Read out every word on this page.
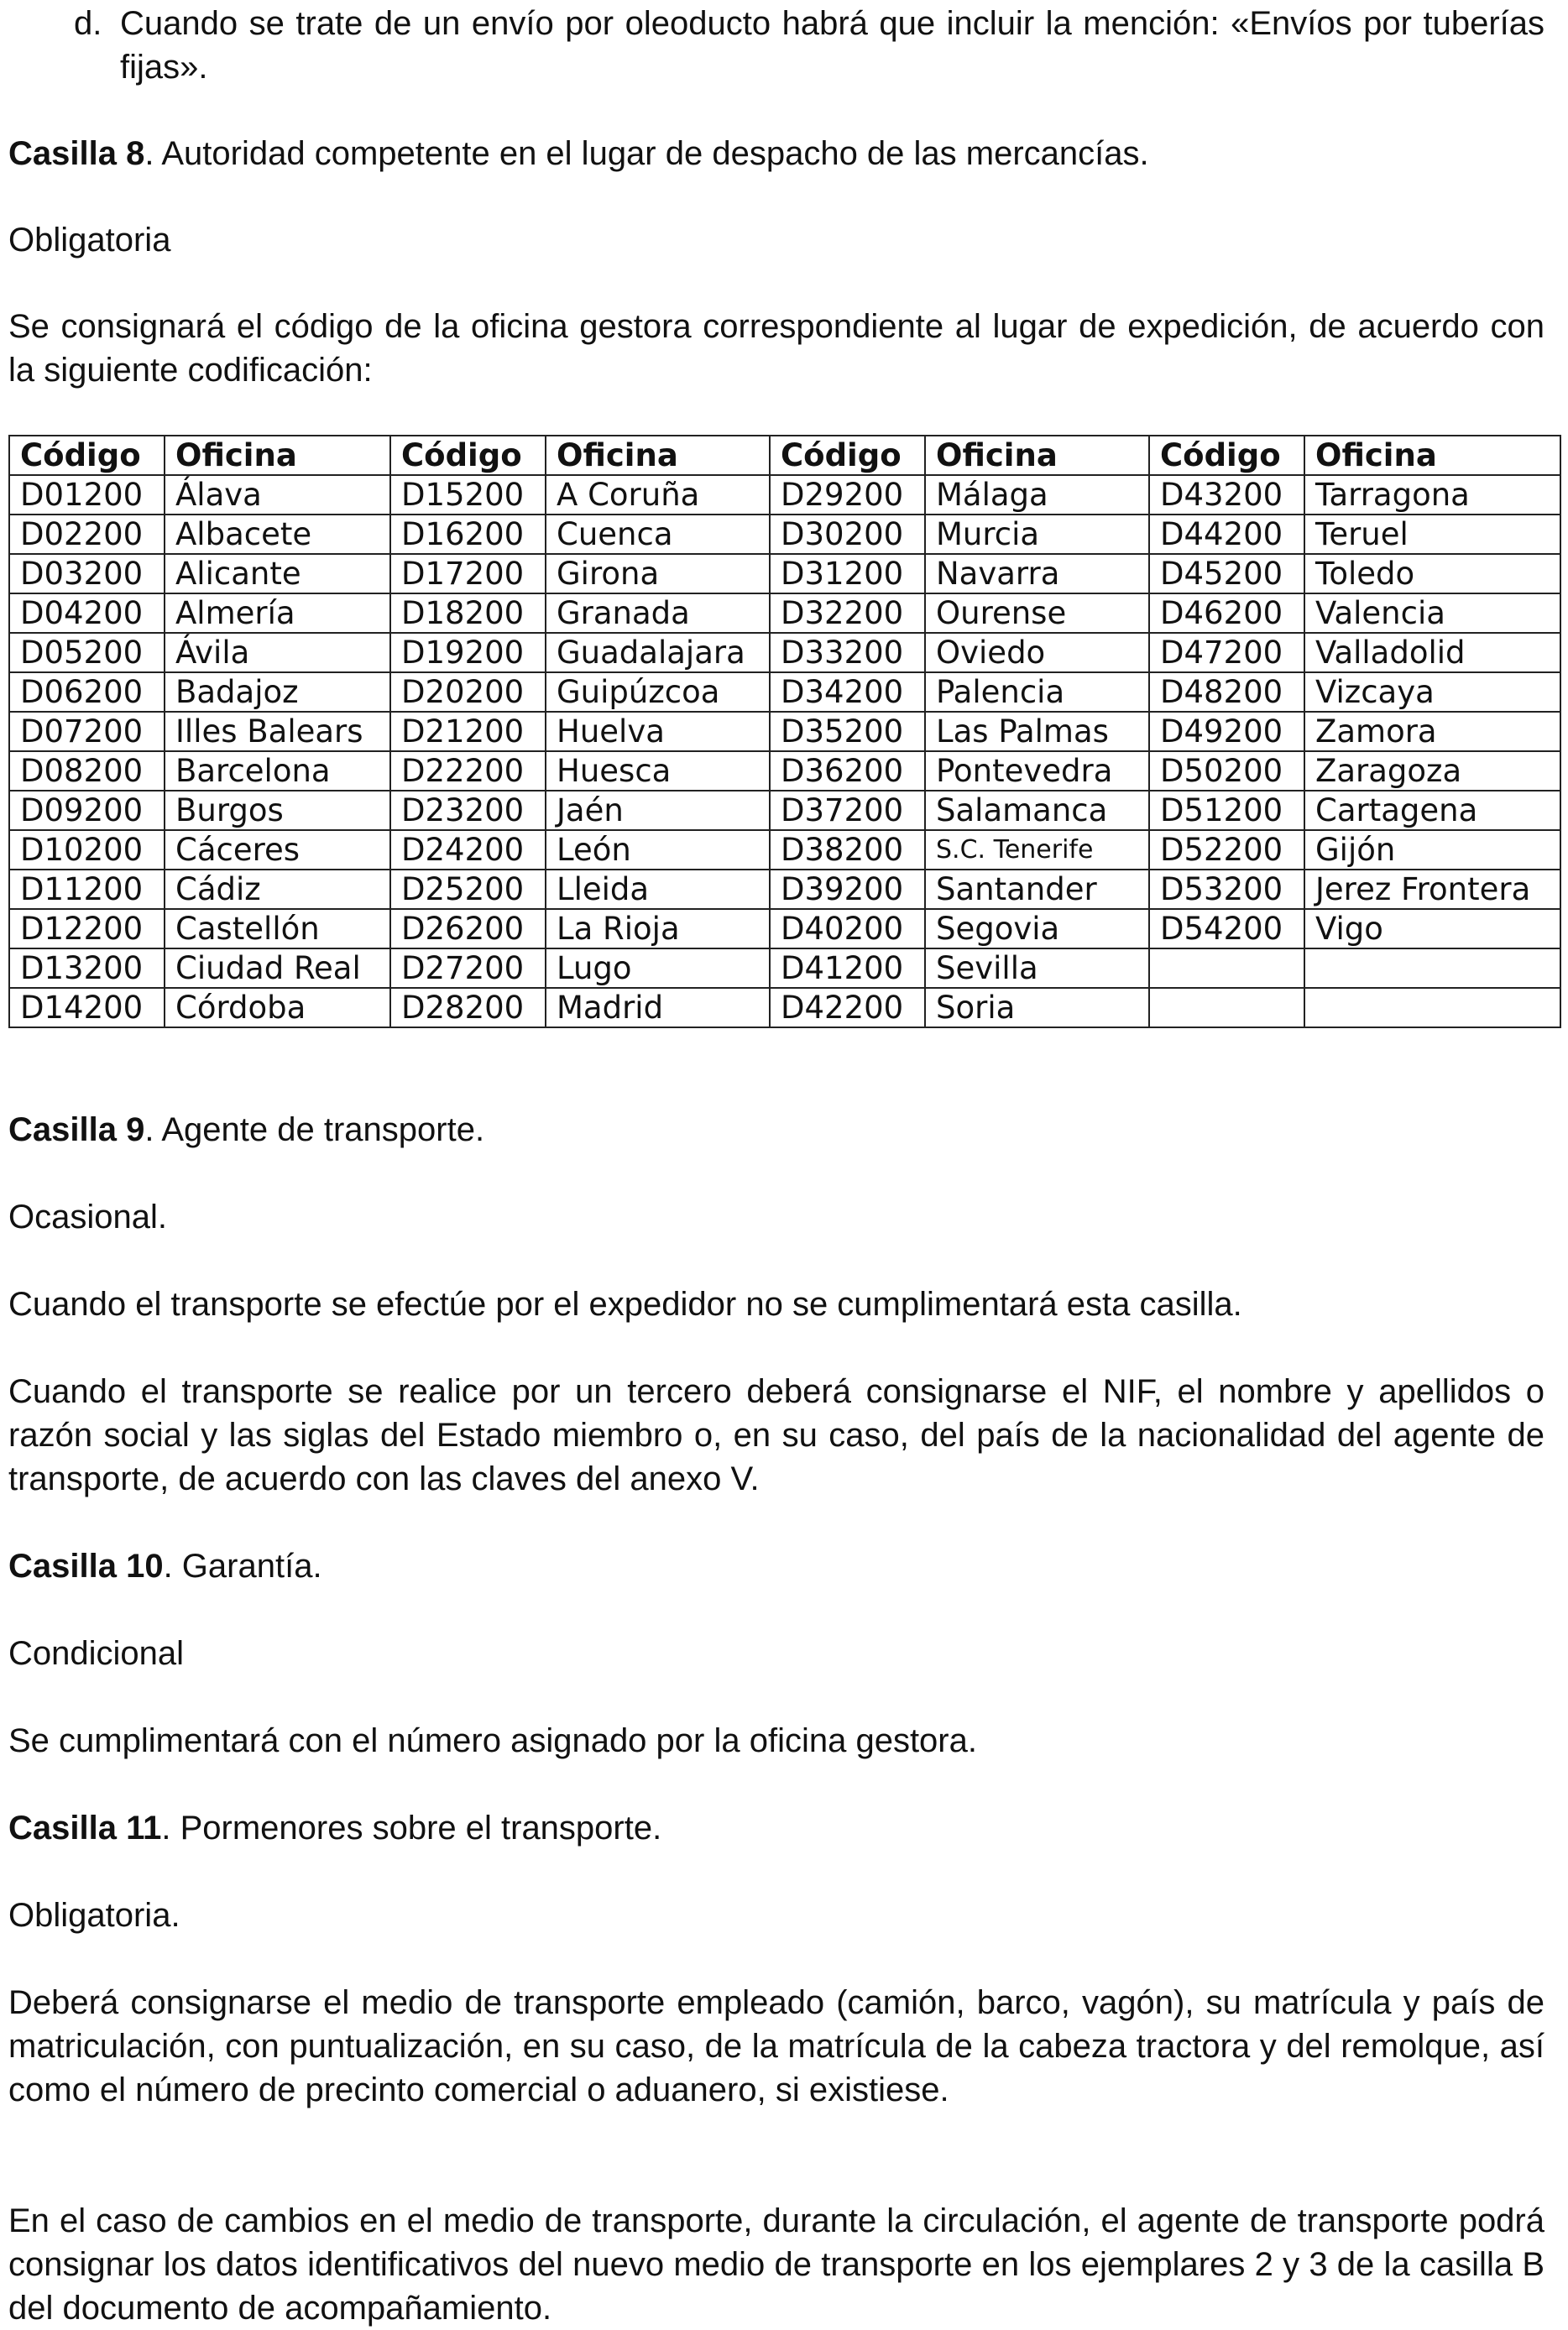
d. Cuando se trate de un envío por oleoducto habrá que incluir la mención: «Envíos por tuberías fijas».

Casilla 8. Autoridad competente en el lugar de despacho de las mercancías.

Obligatoria

Se consignará el código de la oficina gestora correspondiente al lugar de expedición, de acuerdo con la siguiente codificación:

Código	Oficina	Código	Oficina	Código	Oficina	Código	Oficina
D01200	Álava	D15200	A Coruña	D29200	Málaga	D43200	Tarragona
D02200	Albacete	D16200	Cuenca	D30200	Murcia	D44200	Teruel
D03200	Alicante	D17200	Girona	D31200	Navarra	D45200	Toledo
D04200	Almería	D18200	Granada	D32200	Ourense	D46200	Valencia
D05200	Ávila	D19200	Guadalajara	D33200	Oviedo	D47200	Valladolid
D06200	Badajoz	D20200	Guipúzcoa	D34200	Palencia	D48200	Vizcaya
D07200	Illes Balears	D21200	Huelva	D35200	Las Palmas	D49200	Zamora
D08200	Barcelona	D22200	Huesca	D36200	Pontevedra	D50200	Zaragoza
D09200	Burgos	D23200	Jaén	D37200	Salamanca	D51200	Cartagena
D10200	Cáceres	D24200	León	D38200	S.C. Tenerife	D52200	Gijón
D11200	Cádiz	D25200	Lleida	D39200	Santander	D53200	Jerez Frontera
D12200	Castellón	D26200	La Rioja	D40200	Segovia	D54200	Vigo
D13200	Ciudad Real	D27200	Lugo	D41200	Sevilla		
D14200	Córdoba	D28200	Madrid	D42200	Soria		

Casilla 9. Agente de transporte.

Ocasional.

Cuando el transporte se efectúe por el expedidor no se cumplimentará esta casilla.

Cuando el transporte se realice por un tercero deberá consignarse el NIF, el nombre y apellidos o razón social y las siglas del Estado miembro o, en su caso, del país de la nacionalidad del agente de transporte, de acuerdo con las claves del anexo V.

Casilla 10. Garantía.

Condicional

Se cumplimentará con el número asignado por la oficina gestora.

Casilla 11. Pormenores sobre el transporte.

Obligatoria.

Deberá consignarse el medio de transporte empleado (camión, barco, vagón), su matrícula y país de matriculación, con puntualización, en su caso, de la matrícula de la cabeza tractora y del remolque, así como el número de precinto comercial o aduanero, si existiese.

En el caso de cambios en el medio de transporte, durante la circulación, el agente de transporte podrá consignar los datos identificativos del nuevo medio de transporte en los ejemplares 2 y 3 de la casilla B del documento de acompañamiento.
